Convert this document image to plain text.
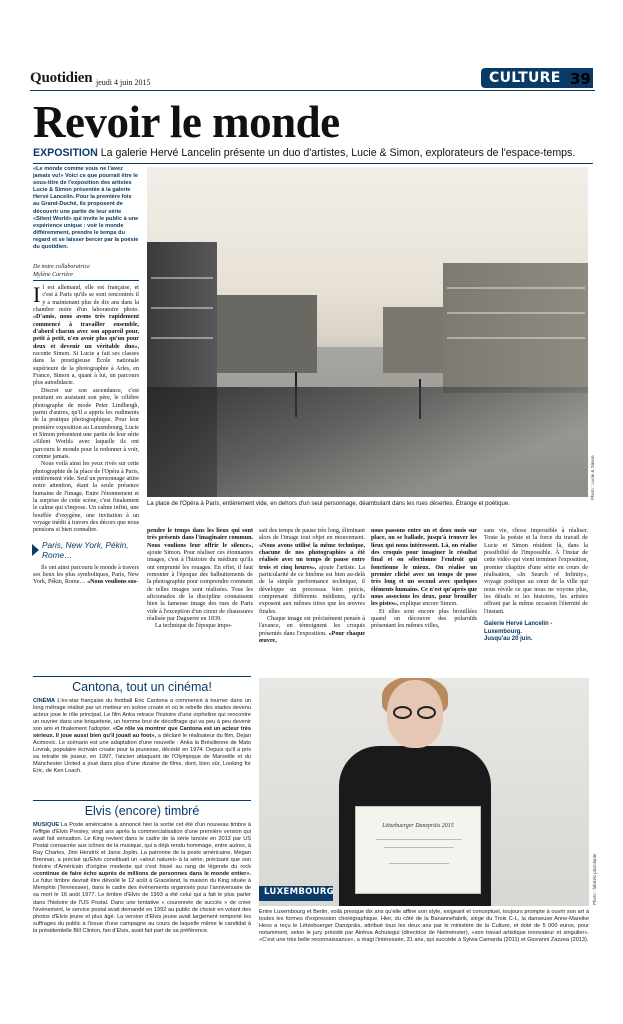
Quotidien jeudi 4 juin 2015	CULTURE 39
Revoir le monde
EXPOSITION La galerie Hervé Lancelin présente un duo d'artistes, Lucie & Simon, explorateurs de l'espace-temps.
«Le monde comme vous ne l'avez jamais vu!» Voici ce que pourrait être le sous-titre de l'exposition des artistes Lucie & Simon présentée à la galerie Hervé Lancelin. Pour la première fois au Grand-Duché, ils proposent de découvrir une partie de leur série «Silent World» qui invite le public à une expérience unique : voir le monde différemment, prendre le temps du regard et se laisser bercer par la poésie du quotidien.
De notre collaboratrice
Mylène Carrière
Photo : Lucie & Simon
La place de l'Opéra à Paris, entièrement vide, en dehors d'un seul personnage, déambulant dans les rues désertes. Étrange et poétique.

I l est allemand, elle est française, et c'est à Paris qu'ils se sont rencontrés il y a maintenant plus de dix ans dans la chambre noire d'un laboratoire photo. «D'amis, nous avons très rapidement commencé à travailler ensemble, d'abord chacun avec son appareil pour, petit à petit, n'en avoir plus qu'un pour deux et devenir un véritable duo», raconte Simon. Si Lucie a fait ses classes dans la prestigieuse École nationale supérieure de la photographie à Arles, en France, Simon a, quant à lui, un parcours plus autodidacte.

Discret sur son ascendance, c'est pourtant en assistant son père, le célèbre photographe de mode Peter Lindbergh, parmi d'autres, qu'il a appris les rudiments de la pratique photographique. Pour leur première exposition au Luxembourg, Lucie et Simon présentent une partie de leur série «Silent World» avec laquelle ils ont parcouru le monde pour le redonner à voir, comme jamais.

Nous voilà ainsi les yeux rivés sur cette photographie de la place de l'Opéra à Paris, entièrement vide. Seul un personnage attire notre attention, étant la seule présence humaine de l'image. Entre l'étonnement et la surprise de cette scène, c'est finalement le calme qui s'impose. Un calme infini, une bouffée d'oxygène, une invitation à un voyage inédit à travers des décors que nous pensions si bien connaître.

Paris, New York, Pékin, Rome…

Ils ont ainsi parcouru le monde à travers ses lieux les plus symboliques, Paris, New York, Pékin, Rome… «Nous voulions sus-

pendre le temps dans les lieux qui sont très présents dans l'imaginaire commun. Nous voulions leur offrir le silence», ajoute Simon. Pour réaliser ces étonnantes images, c'est à l'histoire du médium qu'ils ont emprunté les rouages. En effet, il faut remonter à l'époque des balbutiements de la photographie pour comprendre comment de telles images sont réalisées. Tous les aficionados de la discipline connaissent bien la fameuse image des rues de Paris vide à l'exception d'un cireur de chaussures réalisée par Daguerre en 1839.

La technique de l'époque impo-

sait des temps de pause très long, éliminant alors de l'image tout objet en mouvement. «Nous avons utilisé la même technique, chacune de nos photographies a été réalisée avec un temps de pause entre trois et cinq heures», ajoute l'artiste. La particularité de ce binôme est bien au-delà de la simple performance technique, il développe un processus bien précis, comprenant différents médiums, qu'ils exposent aux mêmes titres que les œuvres finales.

Chaque image est précisément pensée à l'avance, en témoignent les croquis présentés dans l'exposition. «Pour chaque œuvre,

nous passons entre un et deux mois sur place, on se ballade, jusqu'à trouver les lieux qui nous intéressent. Là, on réalise des croquis pour imaginer le résultat final et on sélectionne l'endroit qui fonctionne le mieux. On réalise un premier cliché avec un temps de pose très long et un second avec quelques éléments humains. Ce n'est qu'après que nous associons les deux, pour brouiller les pistes», explique encore Simon.

Et elles sont encore plus brouillées quand on découvre des polaroïds présentant les mêmes villes,

sans vie, chose impossible à réaliser. Toute la poésie et la force du travail de Lucie et Simon résident là, dans la possibilité de l'impossible. À l'instar de cette vidéo qui vient terminer l'exposition, premier chapitre d'une série en cours de réalisation, «In Search of Infinity», voyage poétique au cœur de la ville qui nous révèle ce que nous ne voyons plus, les détails et les histoires, les artistes offrant par la même occasion l'éternité de l'instant.

Galerie Hervé Lancelin -
Luxembourg.
Jusqu'au 20 juin.
Cantona, tout un cinéma!
CINÉMA L'ex-star française du football Eric Cantona a commencé à tourner dans un long métrage réalisé par un metteur en scène croate et où le rebelle des stades devenu acteur joue le rôle principal. Le film Anka retrace l'histoire d'une orpheline qui rencontre un ouvrier dans une briqueterie, un homme brut de décoffrage qui va peu à peu devenir son ami et finalement l'adopter. «Ce rôle va montrer que Cantona est un acteur très sérieux. Il joue aussi bien qu'il jouait au foot», a déclaré le réalisateur du film, Dejan Acimovic. Le scénario est une adaptation d'une nouvelle : Anka la Brésilienne de Mato Lovrak, populaire écrivain croate pour la jeunesse, décédé en 1974. Depuis qu'il a pris sa retraite de joueur, en 1997, l'ancien attaquant de l'Olympique de Marseille et du Manchester United a joué dans plus d'une dizaine de films, dont, bien sûr, Looking for Eric, de Ken Loach.
Elvis (encore) timbré
MUSIQUE La Poste américaine a annoncé hier la sortie cet été d'un nouveau timbre à l'effigie d'Elvis Presley, vingt ans après la commercialisation d'une première version qui avait fait sensation. Le King revient dans le cadre de la série lancée en 2013 par US Postal consacrée aux icônes de la musique, qui a déjà rendu hommage, entre autres, à Ray Charles, Jimi Hendrix et Janis Joplin. La patronne de la poste américaine, Megan Brennan, a précisé qu'Elvis constituait un «atout naturel» à la série, précisant que son histoire d'Américain d'origine modeste qui s'est hissé au rang de légende du rock «continue de faire écho auprès de millions de personnes dans le monde entier». Le futur timbre devrait être dévoilé le 12 août à Graceland, la maison du King située à Memphis (Tennessee), dans le cadre des événements organisés pour l'anniversaire de sa mort le 16 août 1977. Le timbre d'Elvis de 1993 a été celui qui a fait le plus parler dans l'histoire de l'US Postal. Dans une tentative « couronnée de succès » de créer l'événement, le service postal avait demandé en 1992 au public de choisir en votant des photos d'Elvis jeune et plus âgé. La version d'Elvis jeune avait largement remporté les suffrages du public à l'issue d'une campagne au cours de laquelle même le candidat à la présidentielle Bill Clinton, fan d'Elvis, avait fait part de sa préférence.
Lëtzebuerger Danzpräis 2015
Photo : fabrizio pizzolante
LUXEMBOURG
Entre Luxembourg et Berlin, voilà presque dix ans qu'elle affine son style, exigeant et conceptuel, toujours prompte à ouvrir son art à toutes les formes d'expression chorégraphique. Hier, du côté de la Banannefabrik, siège du Trois C-L, la danseuse Anne-Mareike Hess a reçu le Lëtzebuerger Danzpräis, attribué tous les deux ans par le ministère de la Culture, et doté de 5 000 euros, pour notamment, selon le jury présidé par Ainhoa Achutegui (directrice de Neimënster), «son travail artistique innovateur et singulier». «C'est une très belle reconnaissance», a réagi l'intéressée, 31 ans, qui succède à Sylvia Camarda (2011) et Giovanni Zazzea (2013).
